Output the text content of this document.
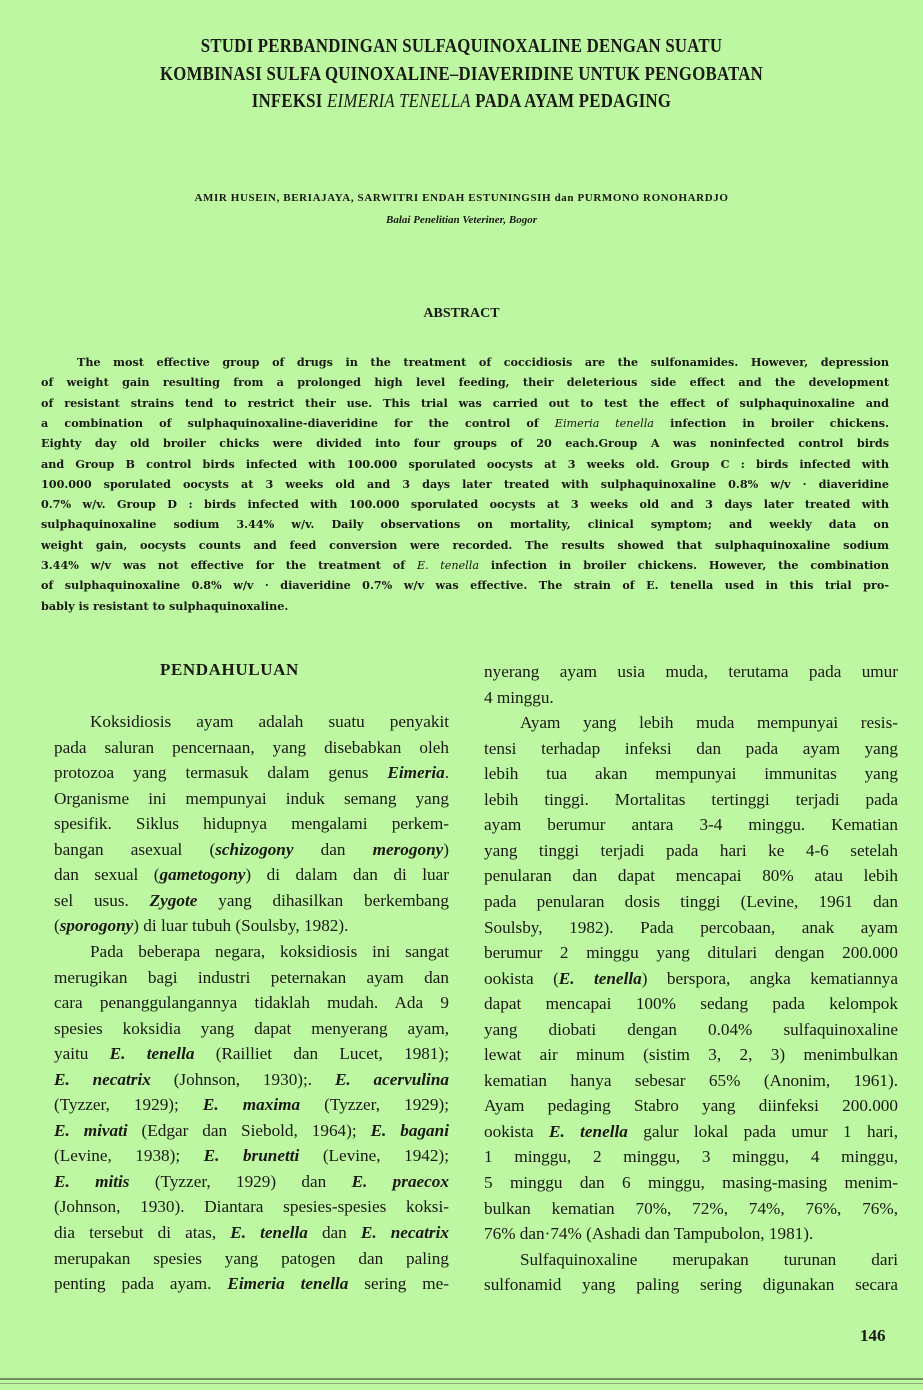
STUDI PERBANDINGAN SULFAQUINOXALINE DENGAN SUATU
KOMBINASI SULFA QUINOXALINE–DIAVERIDINE UNTUK PENGOBATAN
INFEKSI EIMERIA TENELLA PADA AYAM PEDAGING
AMIR HUSEIN, BERIAJAYA, SARWITRI ENDAH ESTUNINGSIH dan PURMONO RONOHARDJO
Balai Penelitian Veteriner, Bogor
ABSTRACT
The most effective group of drugs in the treatment of coccidiosis are the sulfonamides. However, depression
of weight gain resulting from a prolonged high level feeding, their deleterious side effect and the development
of resistant strains tend to restrict their use. This trial was carried out to test the effect of sulphaquinoxaline and
a combination of sulphaquinoxaline-diaveridine for the control of Eimeria tenella infection in broiler chickens.
Eighty day old broiler chicks were divided into four groups of 20 each.Group A was noninfected control birds
and Group B control birds infected with 100.000 sporulated oocysts at 3 weeks old. Group C : birds infected with
100.000 sporulated oocysts at 3 weeks old and 3 days later treated with sulphaquinoxaline 0.8% w/v · diaveridine
0.7% w/v. Group D : birds infected with 100.000 sporulated oocysts at 3 weeks old and 3 days later treated with
sulphaquinoxaline sodium 3.44% w/v. Daily observations on mortality, clinical symptom; and weekly data on
weight gain, oocysts counts and feed conversion were recorded. The results showed that sulphaquinoxaline sodium
3.44% w/v was not effective for the treatment of E. tenella infection in broiler chickens. However, the combination
of sulphaquinoxaline 0.8% w/v · diaveridine 0.7% w/v was effective. The strain of E. tenella used in this trial pro-
bably is resistant to sulphaquinoxaline.
PENDAHULUAN
Koksidiosis ayam adalah suatu penyakit
pada saluran pencernaan, yang disebabkan oleh
protozoa yang termasuk dalam genus Eimeria.
Organisme ini mempunyai induk semang yang
spesifik. Siklus hidupnya mengalami perkem-
bangan asexual (schizogony dan merogony)
dan sexual (gametogony) di dalam dan di luar
sel usus. Zygote yang dihasilkan berkembang
(sporogony) di luar tubuh (Soulsby, 1982).
Pada beberapa negara, koksidiosis ini sangat
merugikan bagi industri peternakan ayam dan
cara penanggulangannya tidaklah mudah. Ada 9
spesies koksidia yang dapat menyerang ayam,
yaitu E. tenella (Railliet dan Lucet, 1981);
E. necatrix (Johnson, 1930);. E. acervulina
(Tyzzer, 1929); E. maxima (Tyzzer, 1929);
E. mivati (Edgar dan Siebold, 1964); E. bagani
(Levine, 1938); E. brunetti (Levine, 1942);
E. mitis (Tyzzer, 1929) dan E. praecox
(Johnson, 1930). Diantara spesies-spesies koksi-
dia tersebut di atas, E. tenella dan E. necatrix
merupakan spesies yang patogen dan paling
penting pada ayam. Eimeria tenella sering me-
nyerang ayam usia muda, terutama pada umur
4 minggu.
Ayam yang lebih muda mempunyai resis-
tensi terhadap infeksi dan pada ayam yang
lebih tua akan mempunyai immunitas yang
lebih tinggi. Mortalitas tertinggi terjadi pada
ayam berumur antara 3-4 minggu. Kematian
yang tinggi terjadi pada hari ke 4-6 setelah
penularan dan dapat mencapai 80% atau lebih
pada penularan dosis tinggi (Levine, 1961 dan
Soulsby, 1982). Pada percobaan, anak ayam
berumur 2 minggu yang ditulari dengan 200.000
ookista (E. tenella) berspora, angka kematiannya
dapat mencapai 100% sedang pada kelompok
yang diobati dengan 0.04% sulfaquinoxaline
lewat air minum (sistim 3, 2, 3) menimbulkan
kematian hanya sebesar 65% (Anonim, 1961).
Ayam pedaging Stabro yang diinfeksi 200.000
ookista E. tenella galur lokal pada umur 1 hari,
1 minggu, 2 minggu, 3 minggu, 4 minggu,
5 minggu dan 6 minggu, masing-masing menim-
bulkan kematian 70%, 72%, 74%, 76%, 76%,
76% dan·74% (Ashadi dan Tampubolon, 1981).
Sulfaquinoxaline merupakan turunan dari
sulfonamid yang paling sering digunakan secara
146
